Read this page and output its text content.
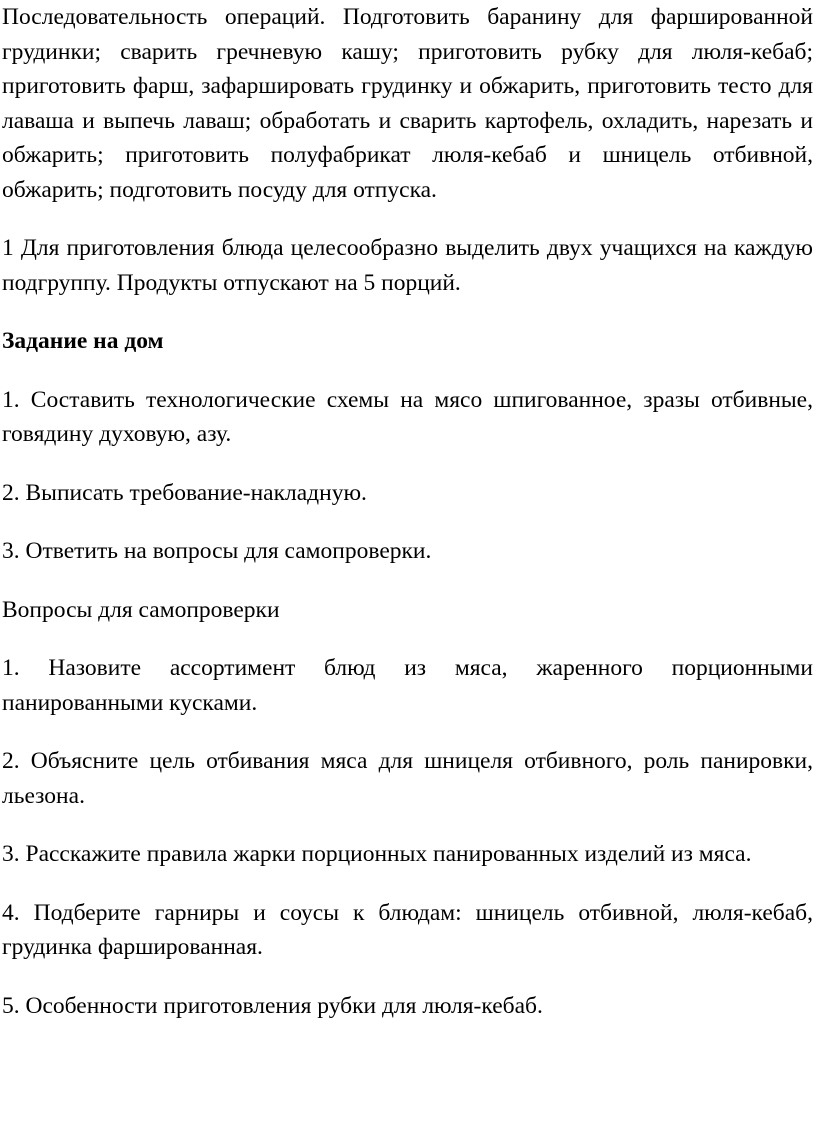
Последовательность операций. Подготовить баранину для фаршированной грудинки; сварить гречневую кашу; приготовить рубку для люля-кебаб; приготовить фарш, зафаршировать грудинку и обжарить, приготовить тесто для лаваша и выпечь лаваш; обработать и сварить картофель, охладить, нарезать и обжарить; приготовить полуфабрикат люля-кебаб и шницель отбивной, обжарить; подготовить посуду для отпуска.

1 Для приготовления блюда целесообразно выделить двух учащихся на каждую подгруппу. Продукты отпускают на 5 порций.

Задание на дом

1. Составить технологические схемы на мясо шпигованное, зразы отбивные, говядину духовую, азу.

2. Выписать требование-накладную.

3. Ответить на вопросы для самопроверки.

Вопросы для самопроверки

1. Назовите ассортимент блюд из мяса, жаренного порционными панированными кусками.

2. Объясните цель отбивания мяса для шницеля отбивного, роль панировки, льезона.

3. Расскажите правила жарки порционных панированных изделий из мяса.

4. Подберите гарниры и соусы к блюдам: шницель отбивной, люля-кебаб, грудинка фаршированная.

5. Особенности приготовления рубки для люля-кебаб.
